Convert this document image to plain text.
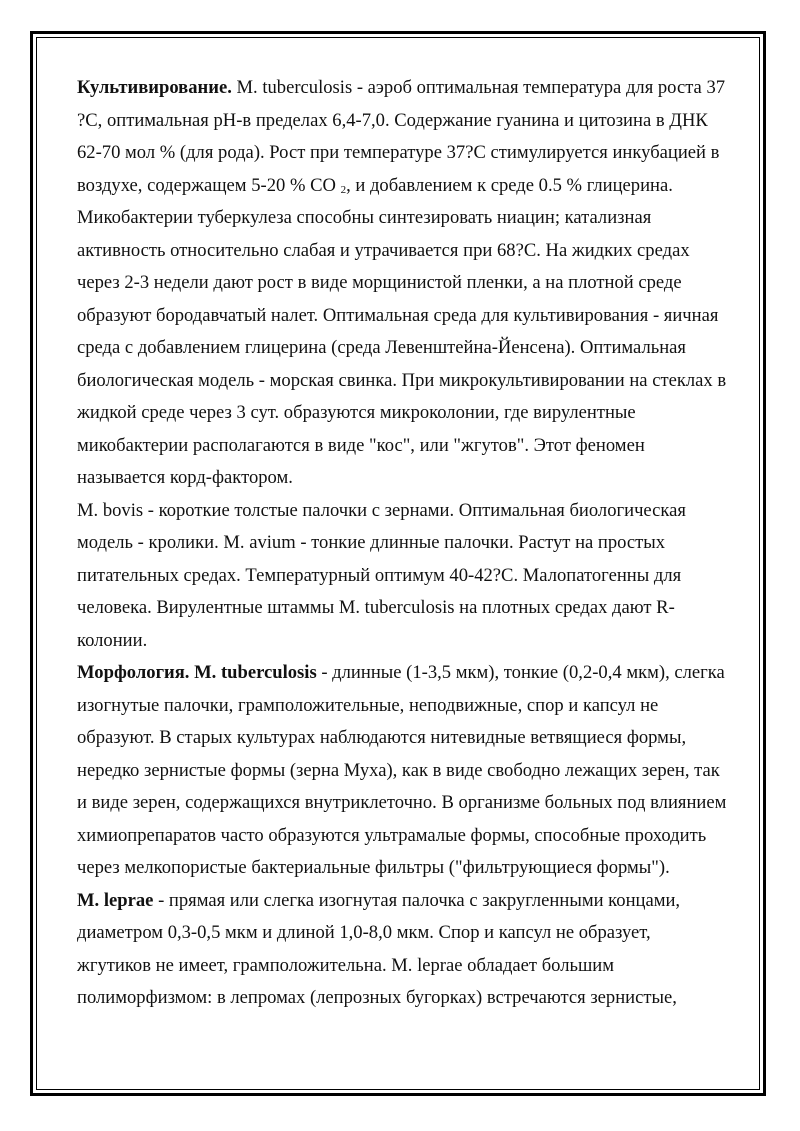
Культивирование. M. tuberculosis - аэроб оптимальная температура для роста 37 ?С, оптимальная рН-в пределах 6,4-7,0. Содержание гуанина и цитозина в ДНК 62-70 мол % (для рода). Рост при температуре 37?С стимулируется инкубацией в воздухе, содержащем 5-20 % СО $_2$, и добавлением к среде 0.5 % глицерина. Микобактерии туберкулеза способны синтезировать ниацин; катализная активность относительно слабая и утрачивается при 68?С. На жидких средах через 2-3 недели дают рост в виде морщинистой пленки, а на плотной среде образуют бородавчатый налет. Оптимальная среда для культивирования - яичная среда с добавлением глицерина (среда Левенштейна-Йенсена). Оптимальная биологическая модель - морская свинка. При микрокультивировании на стеклах в жидкой среде через 3 сут. образуются микроколонии, где вирулентные микобактерии располагаются в виде "кос", или "жгутов". Этот феномен называется корд-фактором.

M. bovis - короткие толстые палочки с зернами. Оптимальная биологическая модель - кролики. M. avium - тонкие длинные палочки. Растут на простых питательных средах. Температурный оптимум 40-42?С. Малопатогенны для человека. Вирулентные штаммы M. tuberculosis на плотных средах дают R-колонии.

Морфология. M. tuberculosis - длинные (1-3,5 мкм), тонкие (0,2-0,4 мкм), слегка изогнутые палочки, грамположительные, неподвижные, спор и капсул не образуют. В старых культурах наблюдаются нитевидные ветвящиеся формы, нередко зернистые формы (зерна Муха), как в виде свободно лежащих зерен, так и виде зерен, содержащихся внутриклеточно. В организме больных под влиянием химиопрепаратов часто образуются ультрамалые формы, способные проходить через мелкопористые бактериальные фильтры ("фильтрующиеся формы").

M. leprae - прямая или слегка изогнутая палочка с закругленными концами, диаметром 0,3-0,5 мкм и длиной 1,0-8,0 мкм. Спор и капсул не образует, жгутиков не имеет, грамположительна. M. leprae обладает большим полиморфизмом: в лепромах (лепрозных бугорках) встречаются зернистые,
